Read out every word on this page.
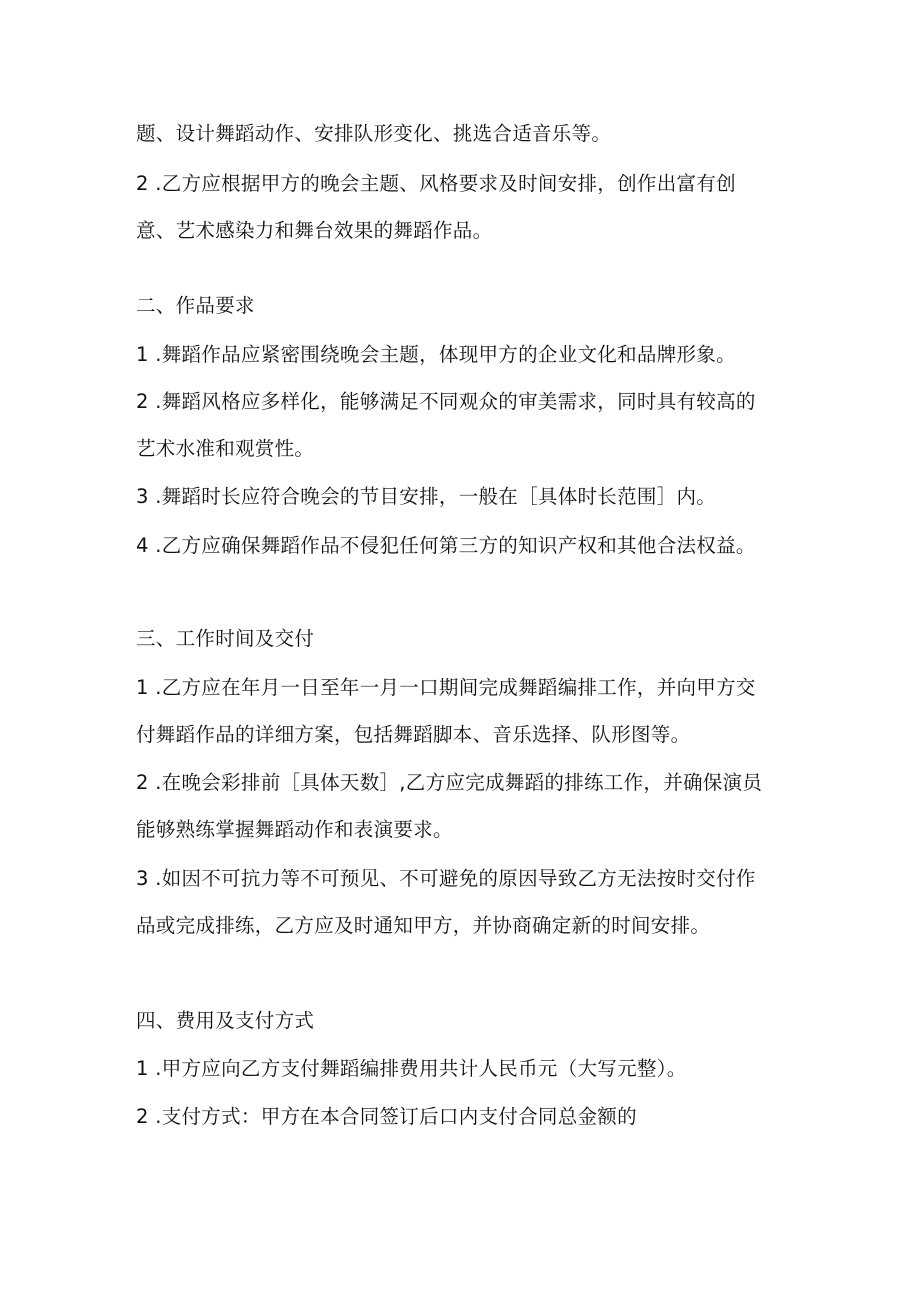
题、设计舞蹈动作、安排队形变化、挑选合适音乐等。
2 .乙方应根据甲方的晚会主题、风格要求及时间安排，创作出富有创
意、艺术感染力和舞台效果的舞蹈作品。
二、作品要求
1 .舞蹈作品应紧密围绕晚会主题，体现甲方的企业文化和品牌形象。
2 .舞蹈风格应多样化，能够满足不同观众的审美需求，同时具有较高的
艺术水准和观赏性。
3 .舞蹈时长应符合晚会的节目安排，一般在［具体时长范围］内。
4 .乙方应确保舞蹈作品不侵犯任何第三方的知识产权和其他合法权益。
三、工作时间及交付
1 .乙方应在年月一日至年一月一口期间完成舞蹈编排工作，并向甲方交
付舞蹈作品的详细方案，包括舞蹈脚本、音乐选择、队形图等。
2 .在晚会彩排前［具体天数］,乙方应完成舞蹈的排练工作，并确保演员
能够熟练掌握舞蹈动作和表演要求。
3 .如因不可抗力等不可预见、不可避免的原因导致乙方无法按时交付作
品或完成排练，乙方应及时通知甲方，并协商确定新的时间安排。
四、费用及支付方式
1 .甲方应向乙方支付舞蹈编排费用共计人民币元（大写元整）。
2 .支付方式：甲方在本合同签订后口内支付合同总金额的
